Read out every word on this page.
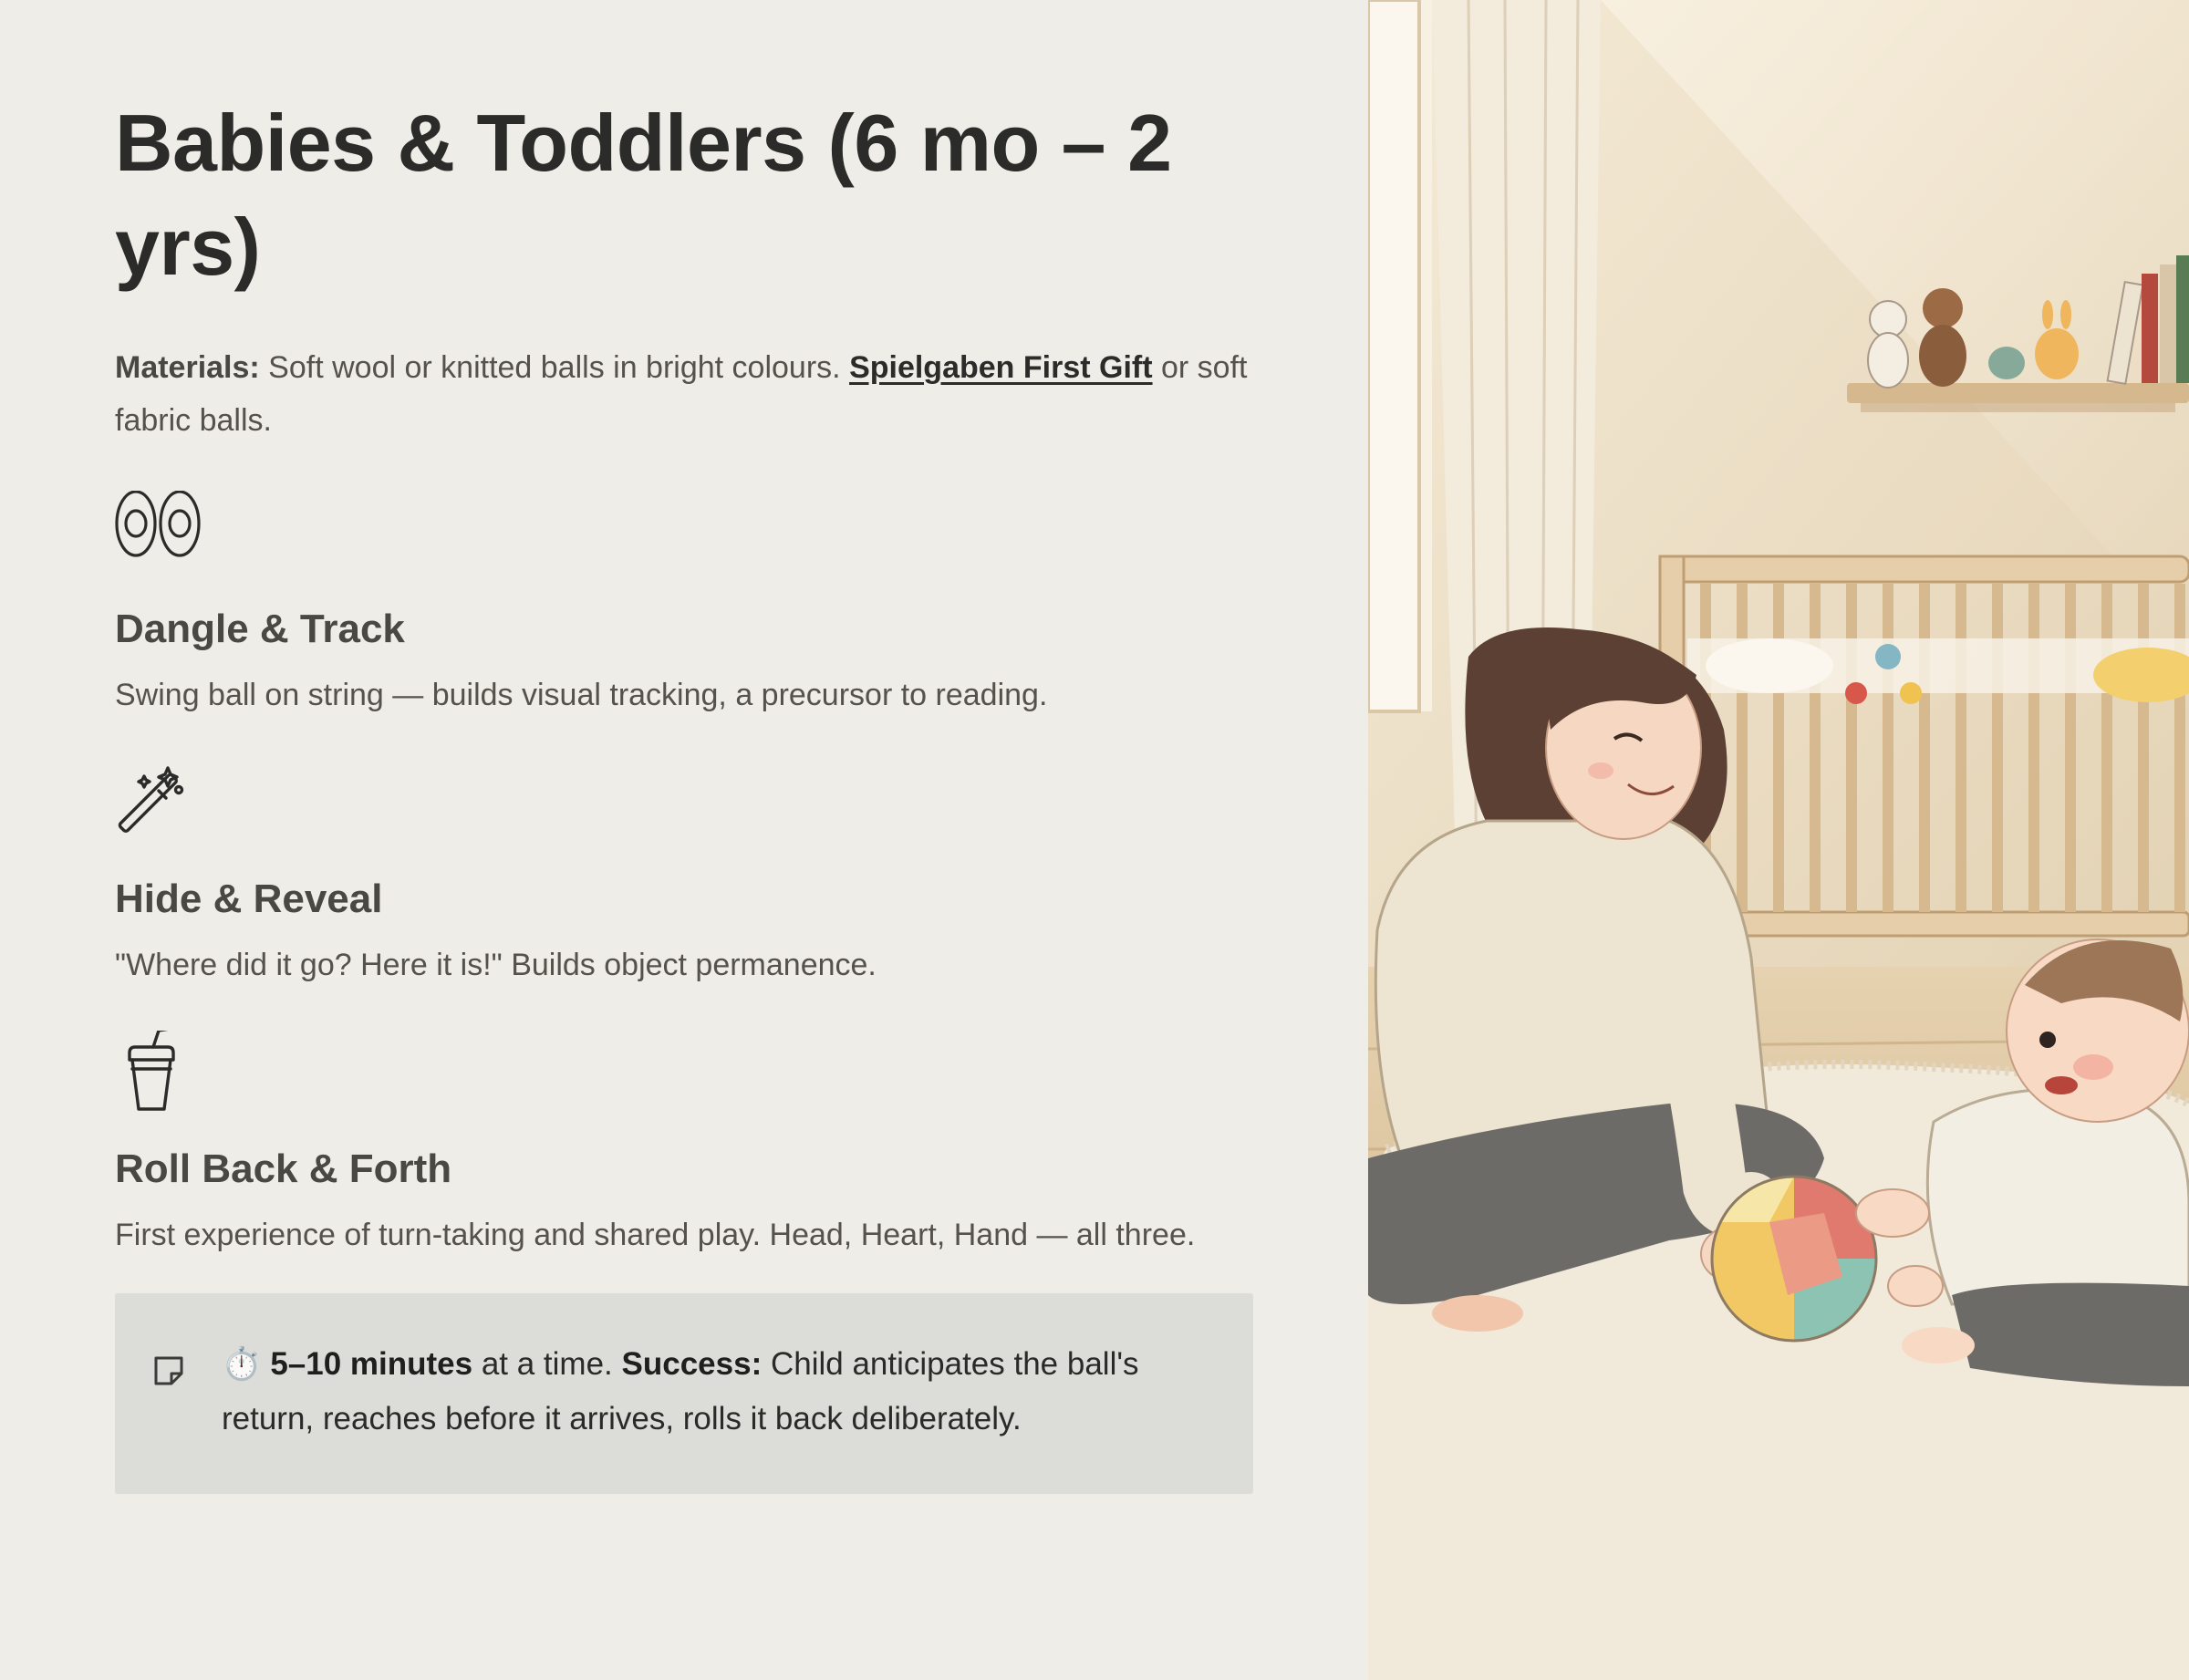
Babies & Toddlers (6 mo – 2 yrs)
Materials: Soft wool or knitted balls in bright colours. Spielgaben First Gift or soft fabric balls.
Dangle & Track

Swing ball on string — builds visual tracking, a precursor to reading.

Hide & Reveal

"Where did it go? Here it is!" Builds object permanence.

Roll Back & Forth

First experience of turn-taking and shared play. Head, Heart, Hand — all three.

⏱️ 5–10 minutes at a time. Success: Child anticipates the ball's return, reaches before it arrives, rolls it back deliberately.
